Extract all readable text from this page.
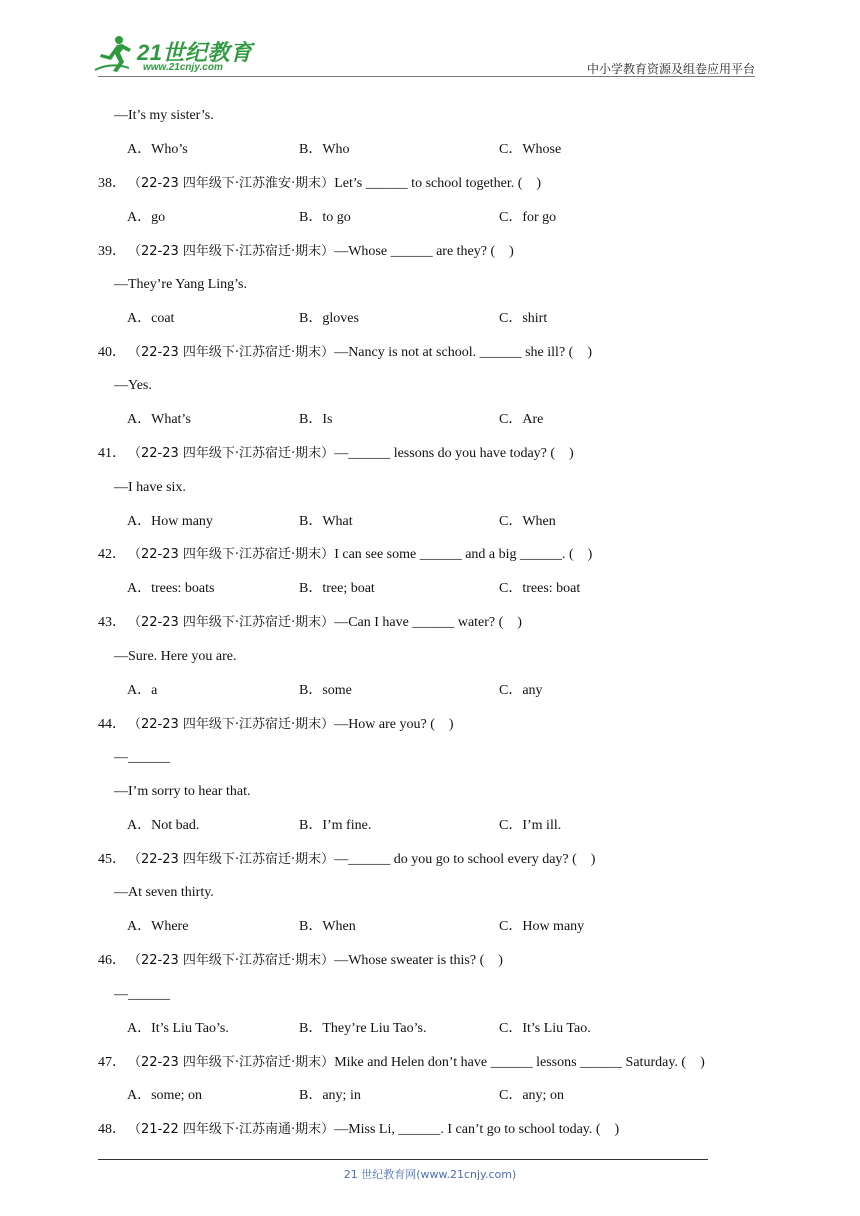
21世纪教育
www.21cnjy.com	中小学教育资源及组卷应用平台
—It’s my sister’s.
A．Who’s	B．Who	C．Whose
38． （22-23 四年级下·江苏淮安·期末）Let’s ______ to school together. (    )
A．go	B．to go	C．for go
39． （22-23 四年级下·江苏宿迁·期末）—Whose ______ are they? (    )
—They’re Yang Ling’s.
A．coat	B．gloves	C．shirt
40． （22-23 四年级下·江苏宿迁·期末）—Nancy is not at school. ______ she ill? (    )
—Yes.
A．What’s	B．Is	C．Are
41． （22-23 四年级下·江苏宿迁·期末）—______ lessons do you have today? (    )
—I have six.
A．How many	B．What	C．When
42． （22-23 四年级下·江苏宿迁·期末）I can see some ______ and a big ______. (    )
A．trees: boats	B．tree; boat	C．trees: boat
43． （22-23 四年级下·江苏宿迁·期末）—Can I have ______ water? (    )
—Sure. Here you are.
A．a	B．some	C．any
44． （22-23 四年级下·江苏宿迁·期末）—How are you? (    )
—______
—I’m sorry to hear that.
A．Not bad.	B．I’m fine.	C．I’m ill.
45． （22-23 四年级下·江苏宿迁·期末）—______ do you go to school every day? (    )
—At seven thirty.
A．Where	B．When	C．How many
46． （22-23 四年级下·江苏宿迁·期末）—Whose sweater is this? (    )
—______
A．It’s Liu Tao’s.	B．They’re Liu Tao’s.	C．It’s Liu Tao.
47． （22-23 四年级下·江苏宿迁·期末）Mike and Helen don’t have ______ lessons ______ Saturday. (    )
A．some; on	B．any; in	C．any; on
48． （21-22 四年级下·江苏南通·期末）—Miss Li, ______. I can’t go to school today. (    )
21 世纪教育网(www.21cnjy.com)
